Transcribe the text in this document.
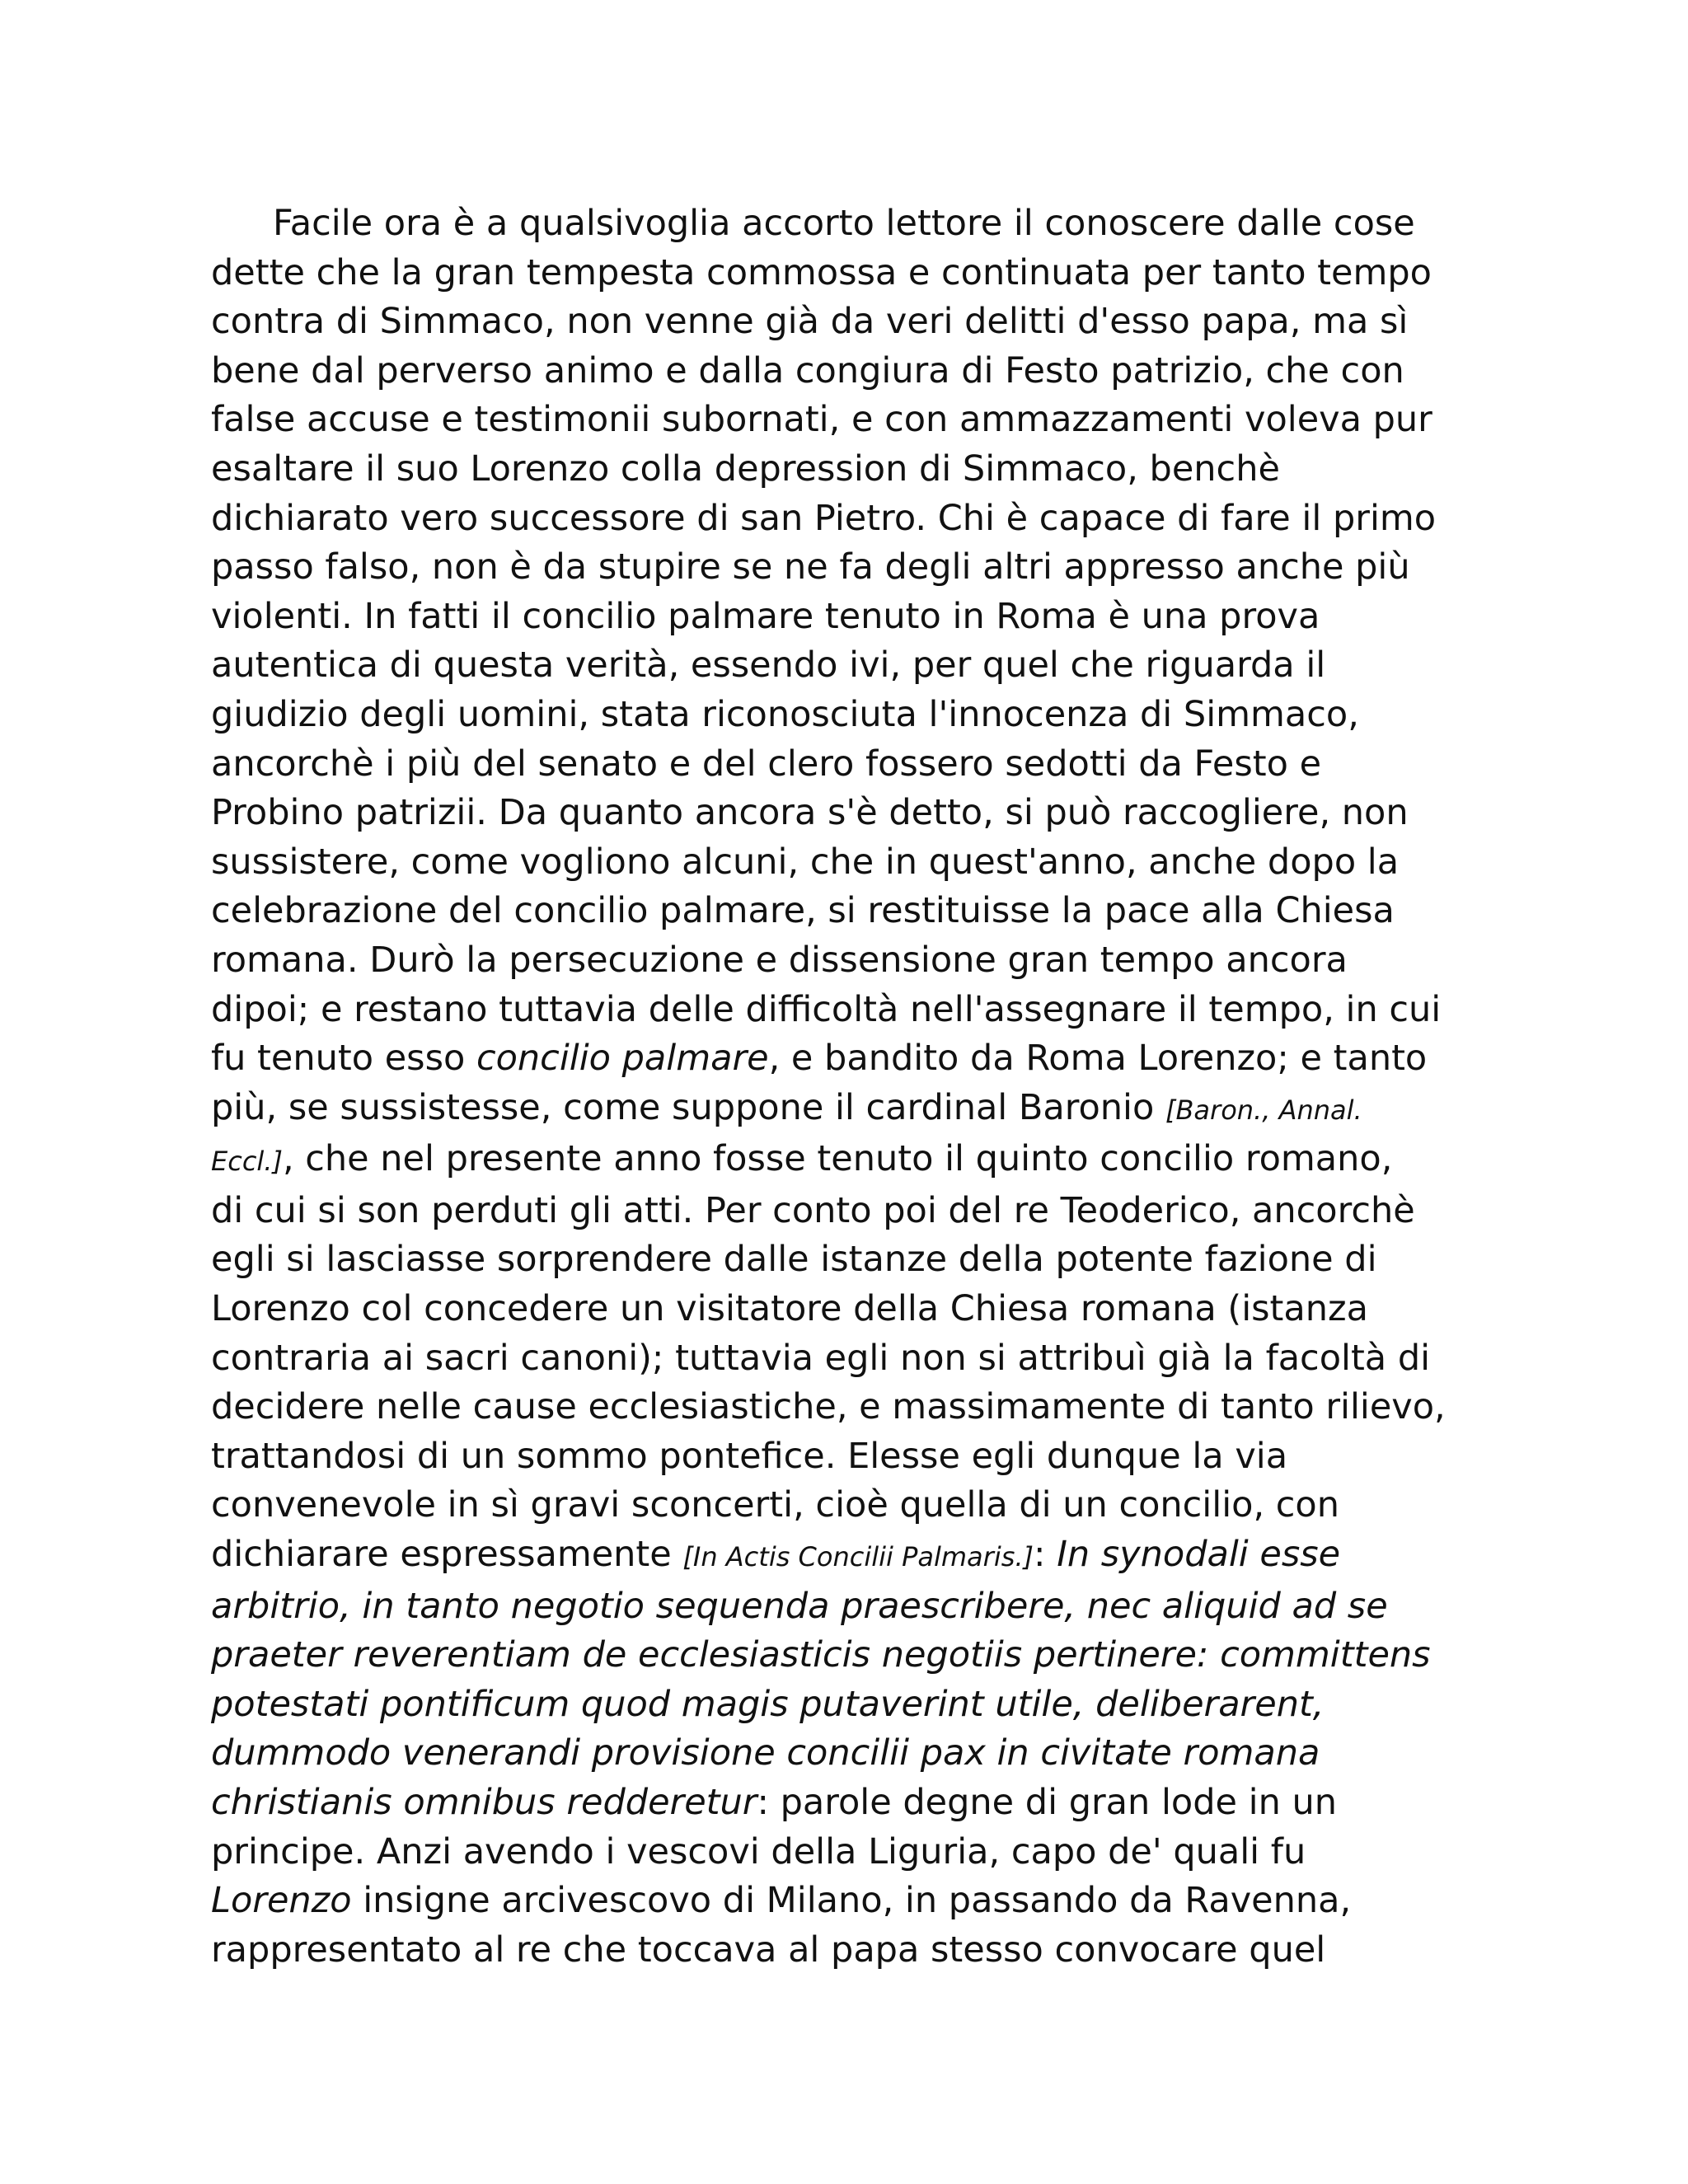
Facile ora è a qualsivoglia accorto lettore il conoscere dalle cose
dette che la gran tempesta commossa e continuata per tanto tempo
contra di Simmaco, non venne già da veri delitti d'esso papa, ma sì
bene dal perverso animo e dalla congiura di Festo patrizio, che con
false accuse e testimonii subornati, e con ammazzamenti voleva pur
esaltare il suo Lorenzo colla depression di Simmaco, benchè
dichiarato vero successore di san Pietro. Chi è capace di fare il primo
passo falso, non è da stupire se ne fa degli altri appresso anche più
violenti. In fatti il concilio palmare tenuto in Roma è una prova
autentica di questa verità, essendo ivi, per quel che riguarda il
giudizio degli uomini, stata riconosciuta l'innocenza di Simmaco,
ancorchè i più del senato e del clero fossero sedotti da Festo e
Probino patrizii. Da quanto ancora s'è detto, si può raccogliere, non
sussistere, come vogliono alcuni, che in quest'anno, anche dopo la
celebrazione del concilio palmare, si restituisse la pace alla Chiesa
romana. Durò la persecuzione e dissensione gran tempo ancora
dipoi; e restano tuttavia delle difficoltà nell'assegnare il tempo, in cui
fu tenuto esso concilio palmare, e bandito da Roma Lorenzo; e tanto
più, se sussistesse, come suppone il cardinal Baronio [Baron., Annal.
Eccl.], che nel presente anno fosse tenuto il quinto concilio romano,
di cui si son perduti gli atti. Per conto poi del re Teoderico, ancorchè
egli si lasciasse sorprendere dalle istanze della potente fazione di
Lorenzo col concedere un visitatore della Chiesa romana (istanza
contraria ai sacri canoni); tuttavia egli non si attribuì già la facoltà di
decidere nelle cause ecclesiastiche, e massimamente di tanto rilievo,
trattandosi di un sommo pontefice. Elesse egli dunque la via
convenevole in sì gravi sconcerti, cioè quella di un concilio, con
dichiarare espressamente [In Actis Concilii Palmaris.]: In synodali esse
arbitrio, in tanto negotio sequenda praescribere, nec aliquid ad se
praeter reverentiam de ecclesiasticis negotiis pertinere: committens
potestati pontificum quod magis putaverint utile, deliberarent,
dummodo venerandi provisione concilii pax in civitate romana
christianis omnibus redderetur: parole degne di gran lode in un
principe. Anzi avendo i vescovi della Liguria, capo de' quali fu
Lorenzo insigne arcivescovo di Milano, in passando da Ravenna,
rappresentato al re che toccava al papa stesso convocare quel
